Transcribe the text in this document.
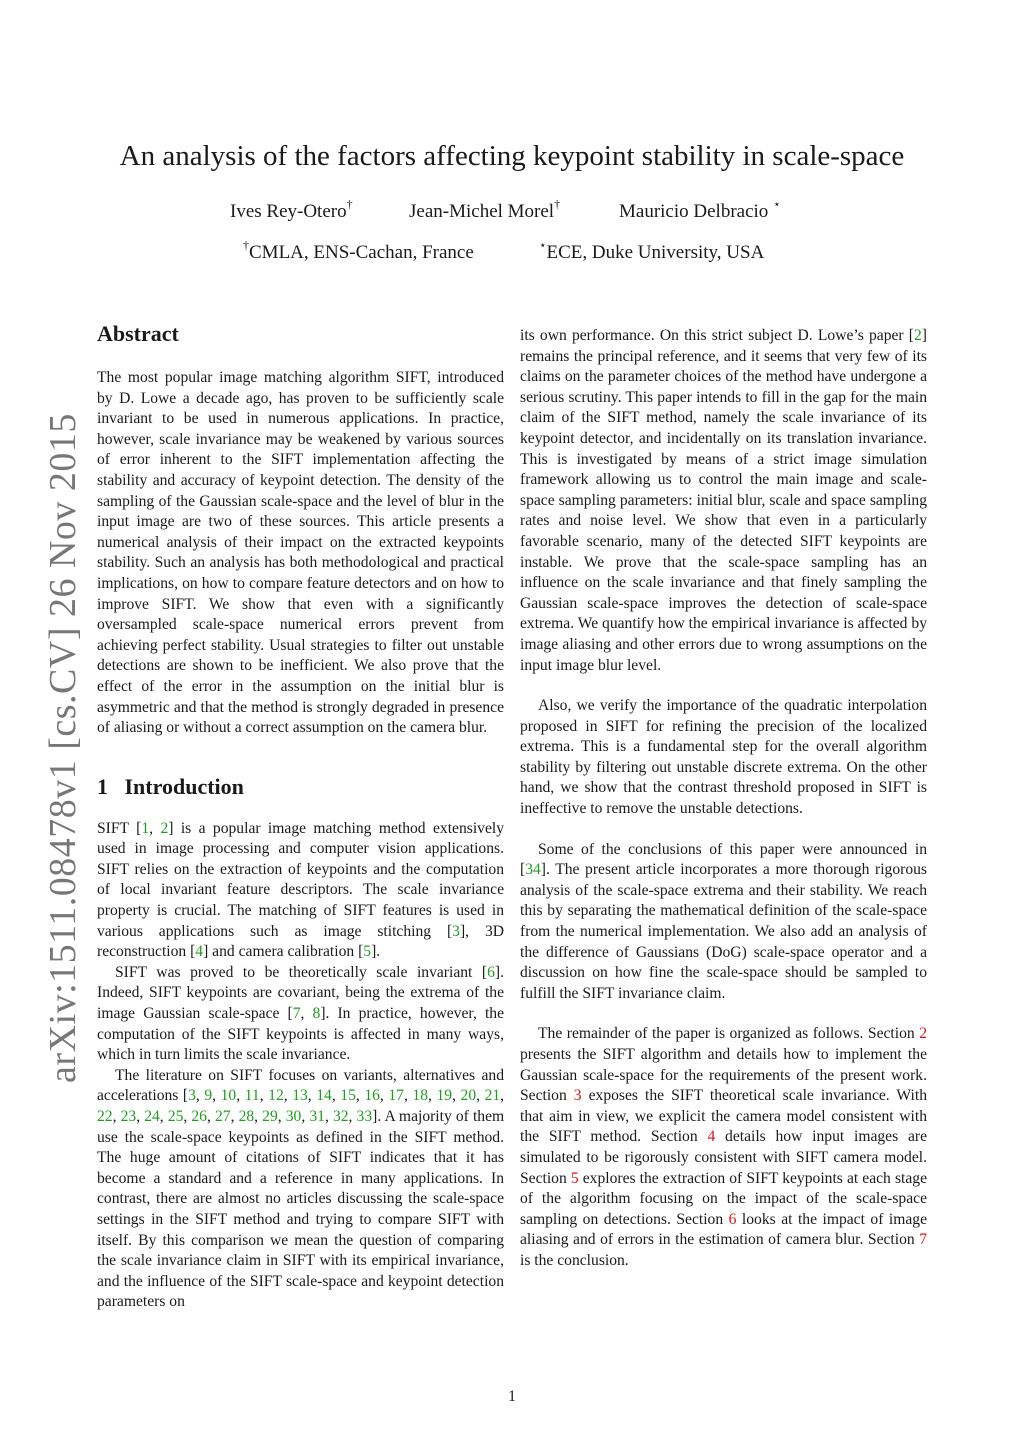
arXiv:1511.08478v1 [cs.CV] 26 Nov 2015
An analysis of the factors affecting keypoint stability in scale-space
Ives Rey-Otero†	Jean-Michel Morel†	Mauricio Delbracio ⋆
†CMLA, ENS-Cachan, France	⋆ECE, Duke University, USA
Abstract

The most popular image matching algorithm SIFT, introduced by D. Lowe a decade ago, has proven to be sufficiently scale invariant to be used in numerous applications. In practice, however, scale invariance may be weakened by various sources of error inherent to the SIFT implementation affecting the stability and accuracy of keypoint detection. The density of the sampling of the Gaussian scale-space and the level of blur in the input image are two of these sources. This article presents a numerical analysis of their impact on the extracted keypoints stability. Such an analysis has both methodological and practical implications, on how to compare feature detectors and on how to improve SIFT. We show that even with a significantly oversampled scale-space numerical errors prevent from achieving perfect stability. Usual strategies to filter out unstable detections are shown to be inefficient. We also prove that the effect of the error in the assumption on the initial blur is asymmetric and that the method is strongly degraded in presence of aliasing or without a correct assumption on the camera blur.

1 Introduction

SIFT [1, 2] is a popular image matching method extensively used in image processing and computer vision applications. SIFT relies on the extraction of keypoints and the computation of local invariant feature descriptors. The scale invariance property is crucial. The matching of SIFT features is used in various applications such as image stitching [3], 3D reconstruction [4] and camera calibration [5].

SIFT was proved to be theoretically scale invariant [6]. Indeed, SIFT keypoints are covariant, being the extrema of the image Gaussian scale-space [7, 8]. In practice, however, the computation of the SIFT keypoints is affected in many ways, which in turn limits the scale invariance.

The literature on SIFT focuses on variants, alternatives and accelerations [3, 9, 10, 11, 12, 13, 14, 15, 16, 17, 18, 19, 20, 21, 22, 23, 24, 25, 26, 27, 28, 29, 30, 31, 32, 33]. A majority of them use the scale-space keypoints as defined in the SIFT method. The huge amount of citations of SIFT indicates that it has become a standard and a reference in many applications. In contrast, there are almost no articles discussing the scale-space settings in the SIFT method and trying to compare SIFT with itself. By this comparison we mean the question of comparing the scale invariance claim in SIFT with its empirical invariance, and the influence of the SIFT scale-space and keypoint detection parameters on

its own performance. On this strict subject D. Lowe’s paper [2] remains the principal reference, and it seems that very few of its claims on the parameter choices of the method have undergone a serious scrutiny. This paper intends to fill in the gap for the main claim of the SIFT method, namely the scale invariance of its keypoint detector, and incidentally on its translation invariance. This is investigated by means of a strict image simulation framework allowing us to control the main image and scale-space sampling parameters: initial blur, scale and space sampling rates and noise level. We show that even in a particularly favorable scenario, many of the detected SIFT keypoints are instable. We prove that the scale-space sampling has an influence on the scale invariance and that finely sampling the Gaussian scale-space improves the detection of scale-space extrema. We quantify how the empirical invariance is affected by image aliasing and other errors due to wrong assumptions on the input image blur level.

Also, we verify the importance of the quadratic interpolation proposed in SIFT for refining the precision of the localized extrema. This is a fundamental step for the overall algorithm stability by filtering out unstable discrete extrema. On the other hand, we show that the contrast threshold proposed in SIFT is ineffective to remove the unstable detections.

Some of the conclusions of this paper were announced in [34]. The present article incorporates a more thorough rigorous analysis of the scale-space extrema and their stability. We reach this by separating the mathematical definition of the scale-space from the numerical implementation. We also add an analysis of the difference of Gaussians (DoG) scale-space operator and a discussion on how fine the scale-space should be sampled to fulfill the SIFT invariance claim.

The remainder of the paper is organized as follows. Section 2 presents the SIFT algorithm and details how to implement the Gaussian scale-space for the requirements of the present work. Section 3 exposes the SIFT theoretical scale invariance. With that aim in view, we explicit the camera model consistent with the SIFT method. Section 4 details how input images are simulated to be rigorously consistent with SIFT camera model. Section 5 explores the extraction of SIFT keypoints at each stage of the algorithm focusing on the impact of the scale-space sampling on detections. Section 6 looks at the impact of image aliasing and of errors in the estimation of camera blur. Section 7 is the conclusion.

1
